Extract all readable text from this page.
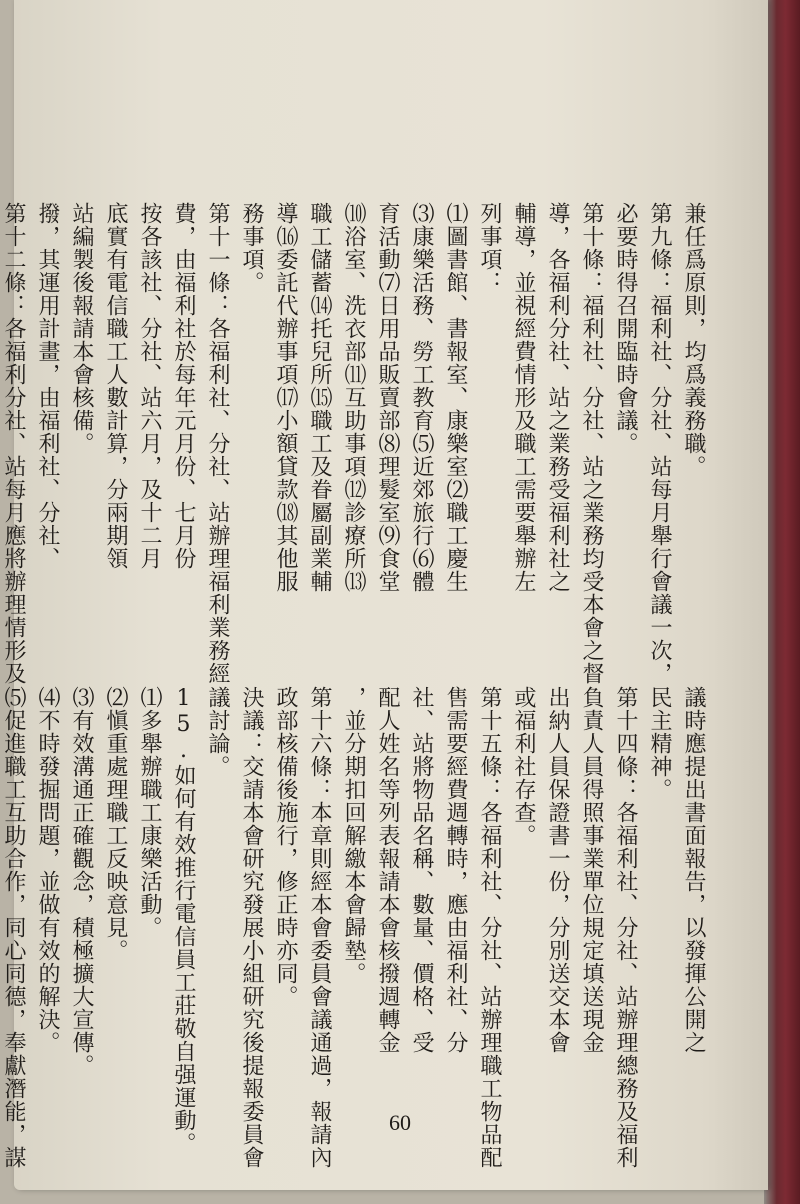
兼任爲原則，均爲義務職。
第九條：福利社、分社、站每月舉行會議一次，
必要時得召開臨時會議。
第十條：福利社、分社、站之業務均受本會之督
導，各福利分社、站之業務受福利社之
輔導，並視經費情形及職工需要舉辦左
列事項：
⑴圖書館、書報室、康樂室⑵職工慶生
⑶康樂活務、勞工教育⑸近郊旅行⑹體
育活動⑺日用品販賣部⑻理髮室⑼食堂
⑽浴室、洗衣部⑾互助事項⑿診療所⒀
職工儲蓄⒁托兒所⒂職工及眷屬副業輔
導⒃委託代辦事項⒄小額貸款⒅其他服
務事項。
第十一條：各福利社、分社、站辦理福利業務經
費，由福利社於每年元月份、七月份
按各該社、分社、站六月，及十二月
底實有電信職工人數計算，分兩期領
站編製後報請本會核備。
撥，其運用計畫，由福利社、分社、
第十二條：各福利分社、站每月應將辦理情形及
議時應提出書面報告，以發揮公開之
民主精神。
第十四條：各福利社、分社、站辦理總務及福利
負責人員得照事業單位規定填送現金
出納人員保證書一份，分別送交本會
或福利社存查。
第十五條：各福利社、分社、站辦理職工物品配
售需要經費週轉時，應由福利社、分
社、站將物品名稱、數量、價格、受
配人姓名等列表報請本會核撥週轉金
，並分期扣回解繳本會歸墊。
第十六條：本章則經本會委員會議通過，報請內
政部核備後施行，修正時亦同。
決議：交請本會研究發展小組研究後提報委員會
議討論。
15.如何有效推行電信員工莊敬自强運動。
⑴多舉辦職工康樂活動。
⑵愼重處理職工反映意見。
⑶有效溝通正確觀念，積極擴大宣傳。
⑷不時發掘問題，並做有效的解決。
⑸促進職工互助合作，同心同德，奉獻潛能，謀	60
